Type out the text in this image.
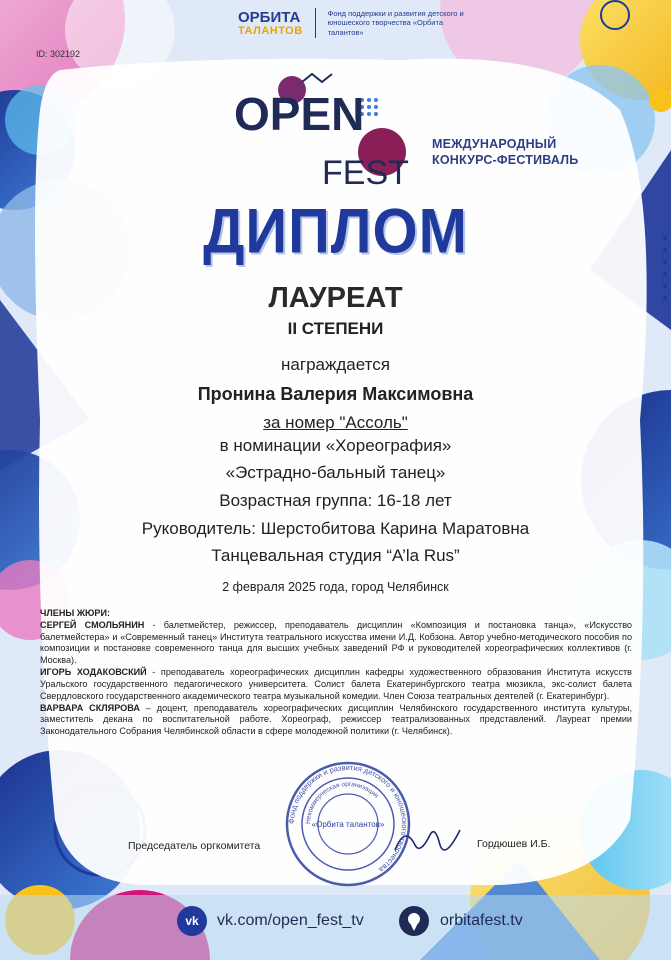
ОРБИТА
ТАЛАНТОВ
Фонд поддержки и развития детского и юношеского творчества «Орбита талантов»
ID: 302192
OPEN
FEST
МЕЖДУНАРОДНЫЙ
КОНКУРС-ФЕСТИВАЛЬ
ДИПЛОМ
ЛАУРЕАТ
II СТЕПЕНИ
награждается
Пронина Валерия Максимовна
за номер "Ассоль"
в номинации «Хореография»
«Эстрадно-бальный танец»
Возрастная группа: 16-18 лет
Руководитель: Шерстобитова Карина Маратовна
Танцевальная студия “A’la Rus”
2 февраля 2025 года, город Челябинск
ЧЛЕНЫ ЖЮРИ:
СЕРГЕЙ СМОЛЬЯНИН - балетмейстер, режиссер, преподаватель дисциплин «Композиция и постановка танца», «Искусство балетмейстера» и «Современный танец» Института театрального искусства имени И.Д. Кобзона. Автор учебно-методического пособия по композиции и постановке современного танца для высших учебных заведений РФ и руководителей хореографических коллективов (г. Москва).
ИГОРЬ ХОДАКОВСКИЙ - преподаватель хореографических дисциплин кафедры художественного образования Института искусств Уральского государственного педагогического университета. Солист балета Екатеринбургского театра мюзикла, экс-солист балета Свердловского государственного академического театра музыкальной комедии. Член Союза театральных деятелей (г. Екатеринбург).
ВАРВАРА СКЛЯРОВА – доцент, преподаватель хореографических дисциплин Челябинского государственного института культуры, заместитель декана по воспитательной работе. Хореограф, режиссер театрализованных представлений. Лауреат премии Законодательного Собрания Челябинской области в сфере молодежной политики (г. Челябинск).
Фонд поддержки и развития детского и юношеского творчества
Некоммерческая организация
«Орбита талантов»
Председатель оргкомитета	Гордюшев И.Б.
vk	vk.com/open_fest_tv	orbitafest.tv
